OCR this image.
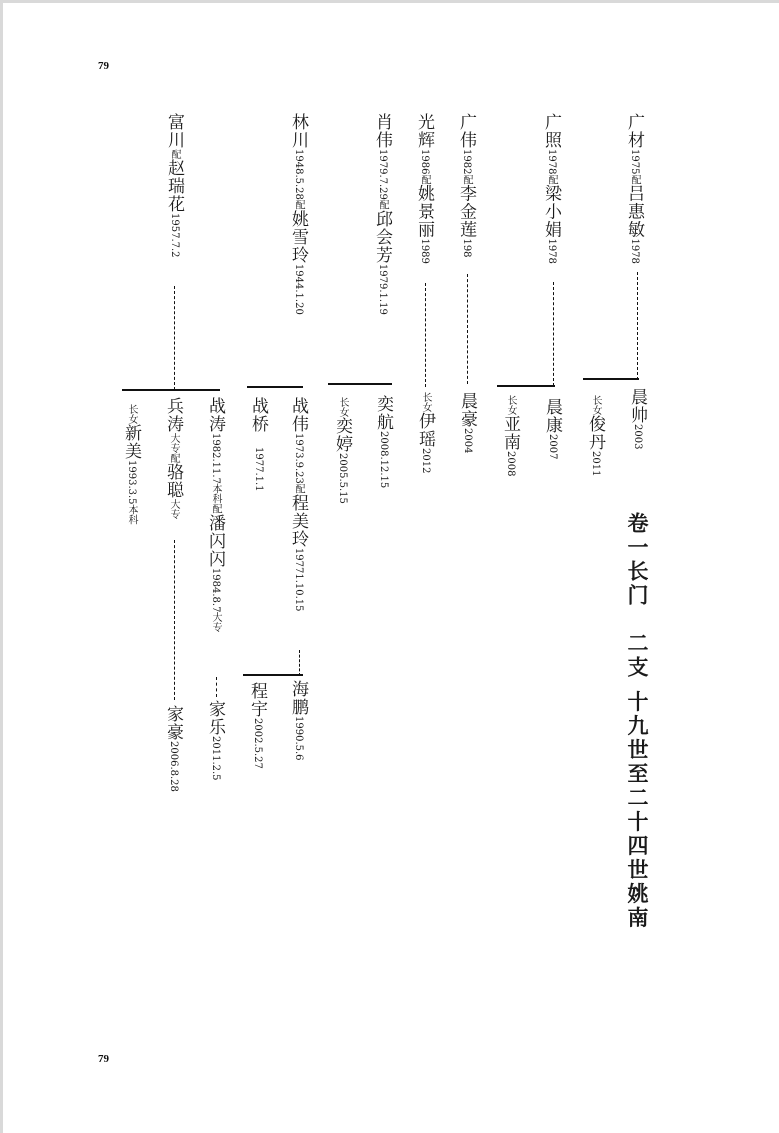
79
79
广材1975配吕惠敏1978
广照1978配梁小娟1978
广伟1982配李金莲198
光辉1986配姚景丽1989
肖伟1979.7.29配邱会芳1979.1.19
林川1948.5.28配姚雪玲1944.1.20
富川配赵瑞花1957.7.2
晨帅2003
长女俊丹2011
晨康2007
长女亚南2008
晨豪2004
长女伊瑶2012
奕航2008.12.15
长女奕婷2005.5.15
战伟1973.9.23配程美玲19771.10.15
战桥 1977.1.1
战涛1982.11.7本科配潘闪闪1984.8.7大专
兵涛大专配骆聪大专
长女新美1993.3.5本科
海鹏1990.5.6
程宇2002.5.27
家乐2011.2.5
家豪2006.8.28	卷一长门　二支 十九世至二十四世姚南
